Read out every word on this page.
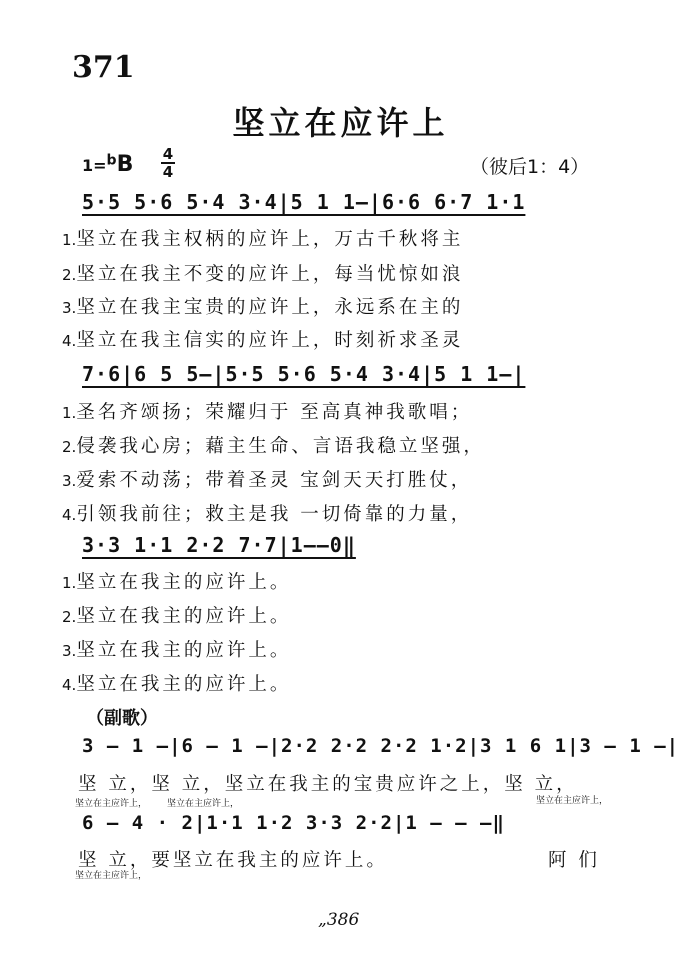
371
坚立在应许上
1=$^b$B 4
4	（彼后1：4）
5·5 5·6 5·4 3·4|5 1 1–|6·6 6·7 1·1
1.坚立在我主权柄的应许上，万古千秋将主
2.坚立在我主不变的应许上，每当忧惊如浪
3.坚立在我主宝贵的应许上，永远系在主的
4.坚立在我主信实的应许上，时刻祈求圣灵
7·6|6 5 5–|5·5 5·6 5·4 3·4|5 1 1–|
1.圣名齐颂扬；荣耀归于 至高真神我歌唱；
2.侵袭我心房；藉主生命、言语我稳立坚强，
3.爱索不动荡；带着圣灵 宝剑天天打胜仗，
4.引领我前往；救主是我 一切倚靠的力量，
3·3 1·1 2·2 7·7|1––0‖
1.坚立在我主的应许上。
2.坚立在我主的应许上。
3.坚立在我主的应许上。
4.坚立在我主的应许上。
（副歌）
3 – 1 –|6 – 1 –|2·2 2·2 2·2 1·2|3 1 6 1|3 – 1 –|
坚 立，坚 立，坚立在我主的宝贵应许之上，坚 立，
坚立在主应许上， 坚立在主应许上，	坚立在主应许上，
6 – 4 · 2|1·1 1·2 3·3 2·2|1 – – –‖
坚 立，要坚立在我主的应许上。	阿 们
坚立在主应许上，
„386
